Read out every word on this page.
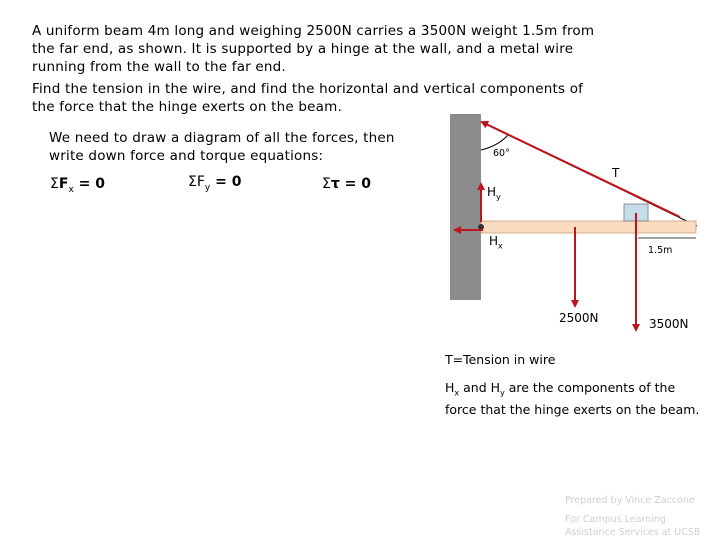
A uniform beam 4m long and weighing 2500N carries a 3500N weight 1.5m from the far end, as shown. It is supported by a hinge at the wall, and a metal wire running from the wall to the far end.
Find the tension in the wire, and find the horizontal and vertical components of the force that the hinge exerts on the beam.
We need to draw a diagram of all the forces, then write down force and torque equations:
$\Sigma F_x = 0$	$\Sigma F_y = 0$	Στ = 0
60°
T
$H_y$
$H_x$	1.5m
2500N	3500N
T=Tension in wire
$H_x$ and $H_y$ are the components of the force that the hinge exerts on the beam.
Prepared by Vince Zaccone
For Campus Learning Assistance Services at UCSB
